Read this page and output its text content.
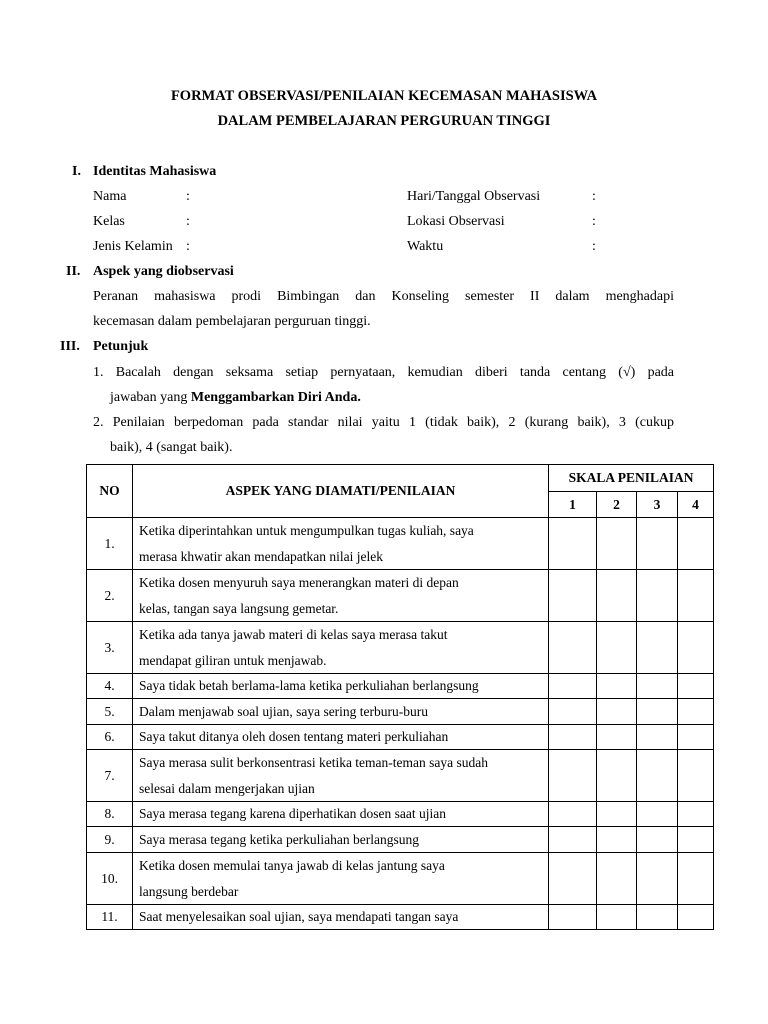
FORMAT OBSERVASI/PENILAIAN KECEMASAN MAHASISWA
DALAM PEMBELAJARAN PERGURUAN TINGGI
I. Identitas Mahasiswa
Nama	:
Kelas	:
Jenis Kelamin :
Hari/Tanggal Observasi	:
Lokasi Observasi	:
Waktu	:
II. Aspek yang diobservasi
Peranan mahasiswa prodi Bimbingan dan Konseling semester II dalam menghadapi
kecemasan dalam pembelajaran perguruan tinggi.
III. Petunjuk
1. Bacalah dengan seksama setiap pernyataan, kemudian diberi tanda centang (√) pada
jawaban yang Menggambarkan Diri Anda.
2. Penilaian berpedoman pada standar nilai yaitu 1 (tidak baik), 2 (kurang baik), 3 (cukup
baik), 4 (sangat baik).
NO	ASPEK YANG DIAMATI/PENILAIAN	SKALA PENILAIAN			
		1	2	3	4
1.	Ketika diperintahkan untuk mengumpulkan tugas kuliah, saya
merasa khwatir akan mendapatkan nilai jelek				

2.	Ketika dosen menyuruh saya menerangkan materi di depan
kelas, tangan saya langsung gemetar.				

3.	Ketika ada tanya jawab materi di kelas saya merasa takut
mendapat giliran untuk menjawab.				

4.	Saya tidak betah berlama-lama ketika perkuliahan berlangsung				

5.	Dalam menjawab soal ujian, saya sering terburu-buru				

6.	Saya takut ditanya oleh dosen tentang materi perkuliahan				

7.	Saya merasa sulit berkonsentrasi ketika teman-teman saya sudah
selesai dalam mengerjakan ujian				

8.	Saya merasa tegang karena diperhatikan dosen saat ujian				

9.	Saya merasa tegang ketika perkuliahan berlangsung				

10.	Ketika dosen memulai tanya jawab di kelas jantung saya
langsung berdebar				

11.	Saat menyelesaikan soal ujian, saya mendapati tangan saya				
